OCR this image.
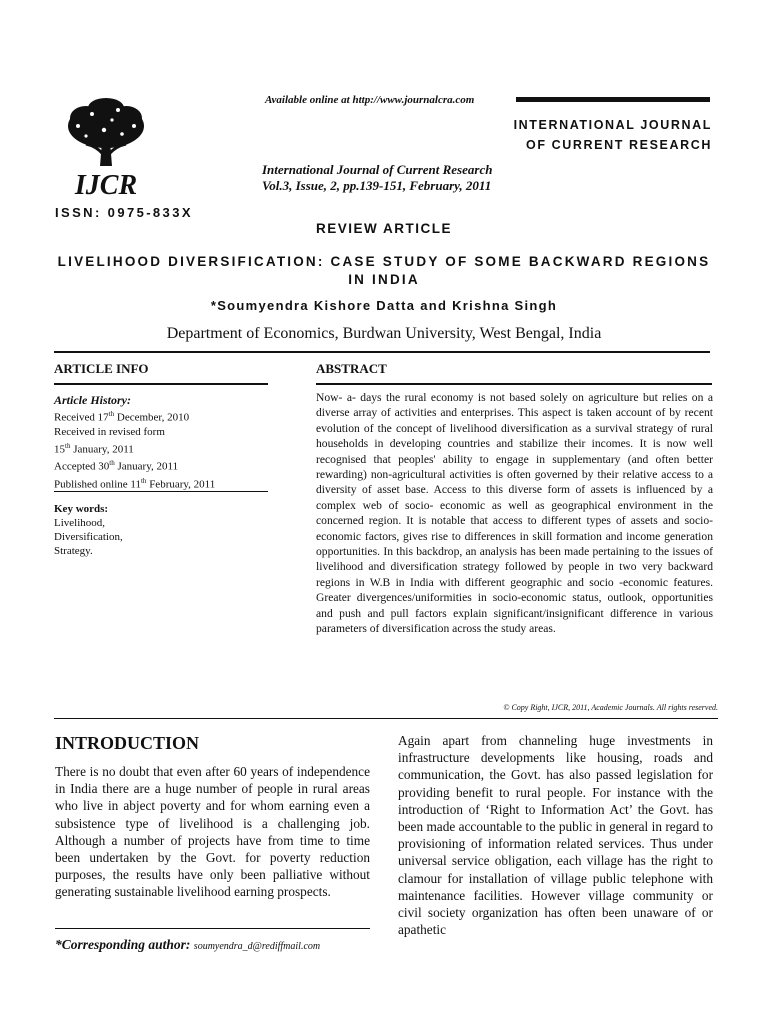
Available online at http://www.journalcra.com
INTERNATIONAL JOURNAL
OF CURRENT RESEARCH
International Journal of Current Research
Vol.3, Issue, 2, pp.139-151, February, 2011
IJCR
ISSN: 0975-833X
REVIEW ARTICLE
LIVELIHOOD DIVERSIFICATION: CASE STUDY OF SOME BACKWARD REGIONS IN INDIA
*Soumyendra Kishore Datta and Krishna Singh
Department of Economics, Burdwan University, West Bengal, India
ARTICLE INFO
Article History:
Received 17th December, 2010
Received in revised form
15th January, 2011
Accepted 30th January, 2011
Published online 11th February, 2011
Key words:
Livelihood,
Diversification,
Strategy.
ABSTRACT
Now- a- days the rural economy is not based solely on agriculture but relies on a diverse array of activities and enterprises. This aspect is taken account of by recent evolution of the concept of livelihood diversification as a survival strategy of rural households in developing countries and stabilize their incomes. It is now well recognised that peoples' ability to engage in supplementary (and often better rewarding) non-agricultural activities is often governed by their relative access to a diversity of asset base. Access to this diverse form of assets is influenced by a complex web of socio- economic as well as geographical environment in the concerned region. It is notable that access to different types of assets and socio-economic factors, gives rise to differences in skill formation and income generation opportunities. In this backdrop, an analysis has been made pertaining to the issues of livelihood and diversification strategy followed by people in two very backward regions in W.B in India with different geographic and socio -economic features. Greater divergences/uniformities in socio-economic status, outlook, opportunities and push and pull factors explain significant/insignificant difference in various parameters of diversification across the study areas.
© Copy Right, IJCR, 2011, Academic Journals. All rights reserved.
INTRODUCTION
There is no doubt that even after 60 years of independence in India there are a huge number of people in rural areas who live in abject poverty and for whom earning even a subsistence type of livelihood is a challenging job. Although a number of projects have from time to time been undertaken by the Govt. for poverty reduction purposes, the results have only been palliative without generating sustainable livelihood earning prospects.
*Corresponding author: soumyendra_d@rediffmail.com
Again apart from channeling huge investments in infrastructure developments like housing, roads and communication, the Govt. has also passed legislation for providing benefit to rural people. For instance with the introduction of ‘Right to Information Act’ the Govt. has been made accountable to the public in general in regard to provisioning of information related services. Thus under universal service obligation, each village has the right to clamour for installation of village public telephone with maintenance facilities. However village community or civil society organization has often been unaware of or apathetic
